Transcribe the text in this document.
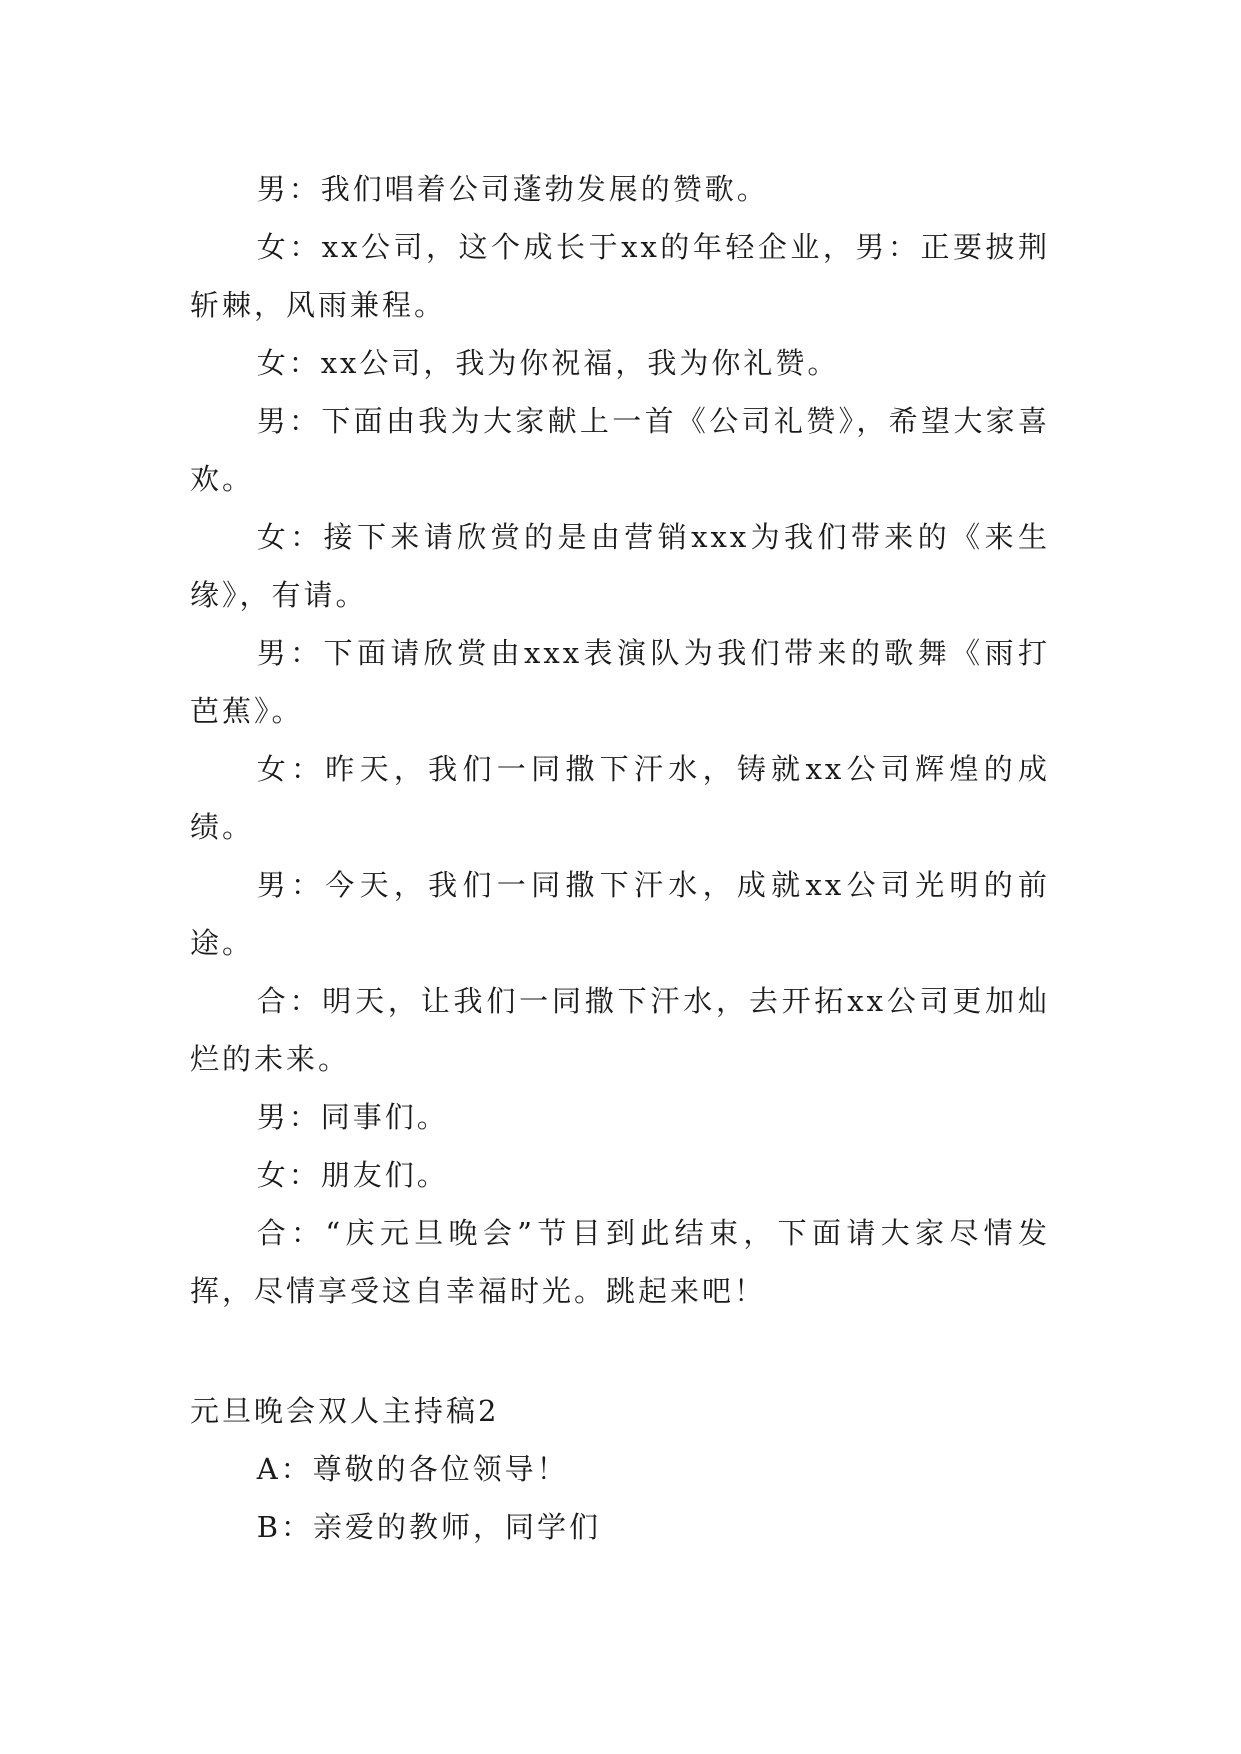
男：我们唱着公司蓬勃发展的赞歌。

女：xx公司，这个成长于xx的年轻企业，男：正要披荆斩棘，风雨兼程。

女：xx公司，我为你祝福，我为你礼赞。

男：下面由我为大家献上一首《公司礼赞》，希望大家喜欢。

女：接下来请欣赏的是由营销xxx为我们带来的《来生缘》，有请。

男：下面请欣赏由xxx表演队为我们带来的歌舞《雨打芭蕉》。

女：昨天，我们一同撒下汗水，铸就xx公司辉煌的成绩。

男：今天，我们一同撒下汗水，成就xx公司光明的前途。

合：明天，让我们一同撒下汗水，去开拓xx公司更加灿烂的未来。

男：同事们。

女：朋友们。

合：“庆元旦晚会”节目到此结束，下面请大家尽情发挥，尽情享受这自幸福时光。跳起来吧！

元旦晚会双人主持稿2

A：尊敬的各位领导！

B：亲爱的教师，同学们
